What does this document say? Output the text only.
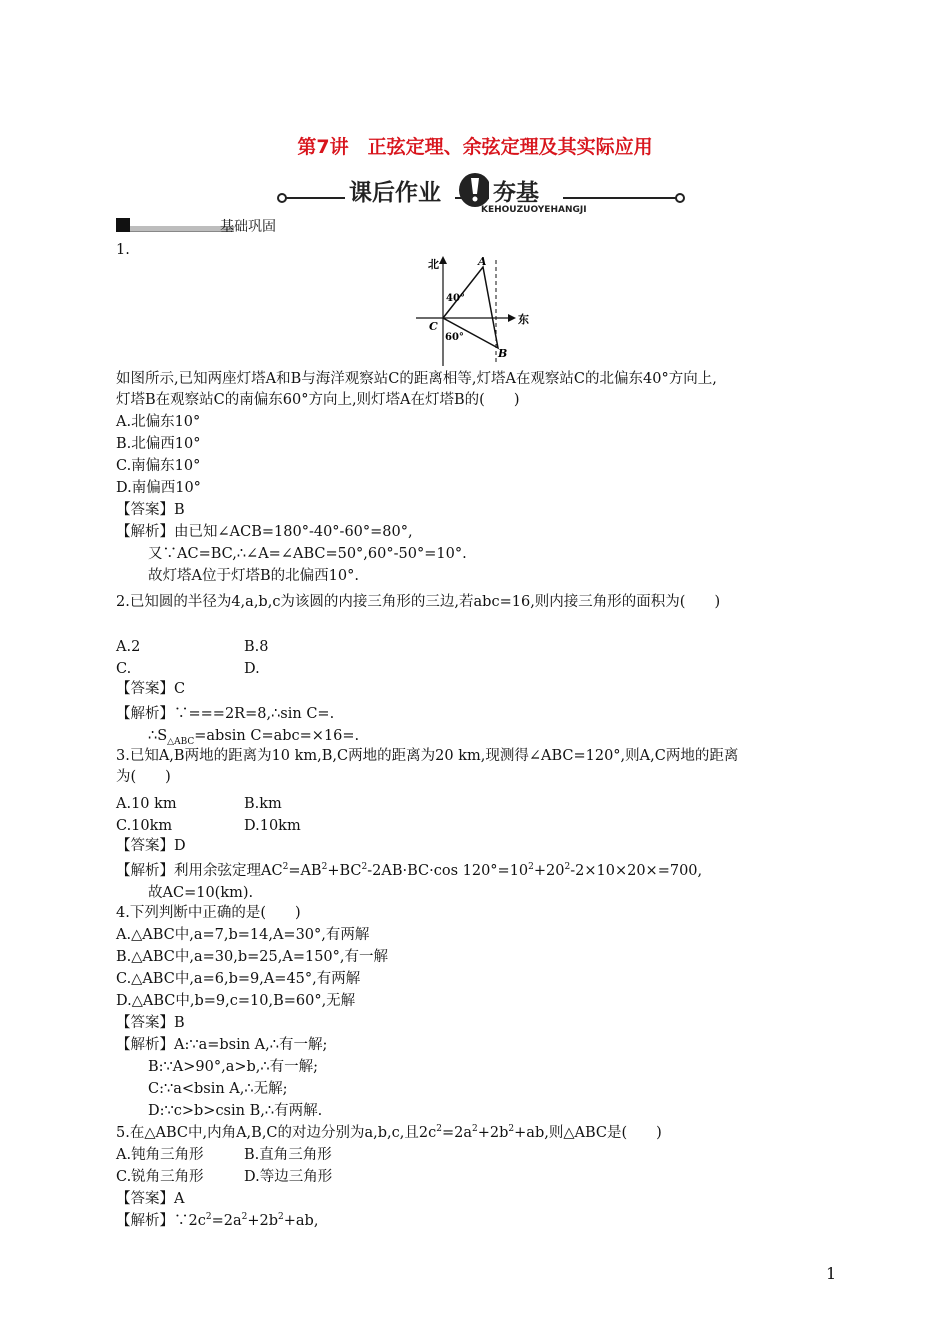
第7讲　正弦定理、余弦定理及其实际应用
课后作业 夯基
KEHOUZUOYEHANGJI
基础巩固
1.
北
东
A
B
C
40°
60°
如图所示,已知两座灯塔A和B与海洋观察站C的距离相等,灯塔A在观察站C的北偏东40°方向上,
灯塔B在观察站C的南偏东60°方向上,则灯塔A在灯塔B的(　　)
A.北偏东10°
B.北偏西10°
C.南偏东10°
D.南偏西10°
【答案】B
【解析】由已知∠ACB=180°-40°-60°=80°,
又∵AC=BC,∴∠A=∠ABC=50°,60°-50°=10°.
故灯塔A位于灯塔B的北偏西10°.
2.已知圆的半径为4,a,b,c为该圆的内接三角形的三边,若abc=16,则内接三角形的面积为(　　)
A.2	B.8
C.	D.
【答案】C
【解析】∵===2R=8,∴sin C=.
$\therefore S_{\triangle ABC}=absin$ C=abc=×16=.
3.已知A,B两地的距离为10 km,B,C两地的距离为20 km,现测得∠ABC=120°,则A,C两地的距离
为(　　)
A.10 km	B.km
C.10km	D.10km
【答案】D
【解析】利用余弦定理$AC^2=AB^2+BC^2-2AB\cdot BC\cdot\cos$ $120^\circ=10^2+20^2-2\times 10\times 20\times=700$,
故AC=10(km).
4.下列判断中正确的是(　　)
A.△ABC中,a=7,b=14,A=30°,有两解
B.△ABC中,a=30,b=25,A=150°,有一解
C.△ABC中,a=6,b=9,A=45°,有两解
D.△ABC中,b=9,c=10,B=60°,无解
【答案】B
【解析】A:∵a=bsin A,∴有一解;
B:∵A>90°,a>b,∴有一解;
C:∵a<bsin A,∴无解;
D:∵c>b>csin B,∴有两解.
5.在△ABC中,内角A,B,C的对边分别为a,b,c,且$2c^2=2a^2+2b^2+ab$,则△ABC是(　　)
A.钝角三角形	B.直角三角形
C.锐角三角形	D.等边三角形
【答案】A
【解析】$\because 2c^2=2a^2+2b^2+ab$,
1
